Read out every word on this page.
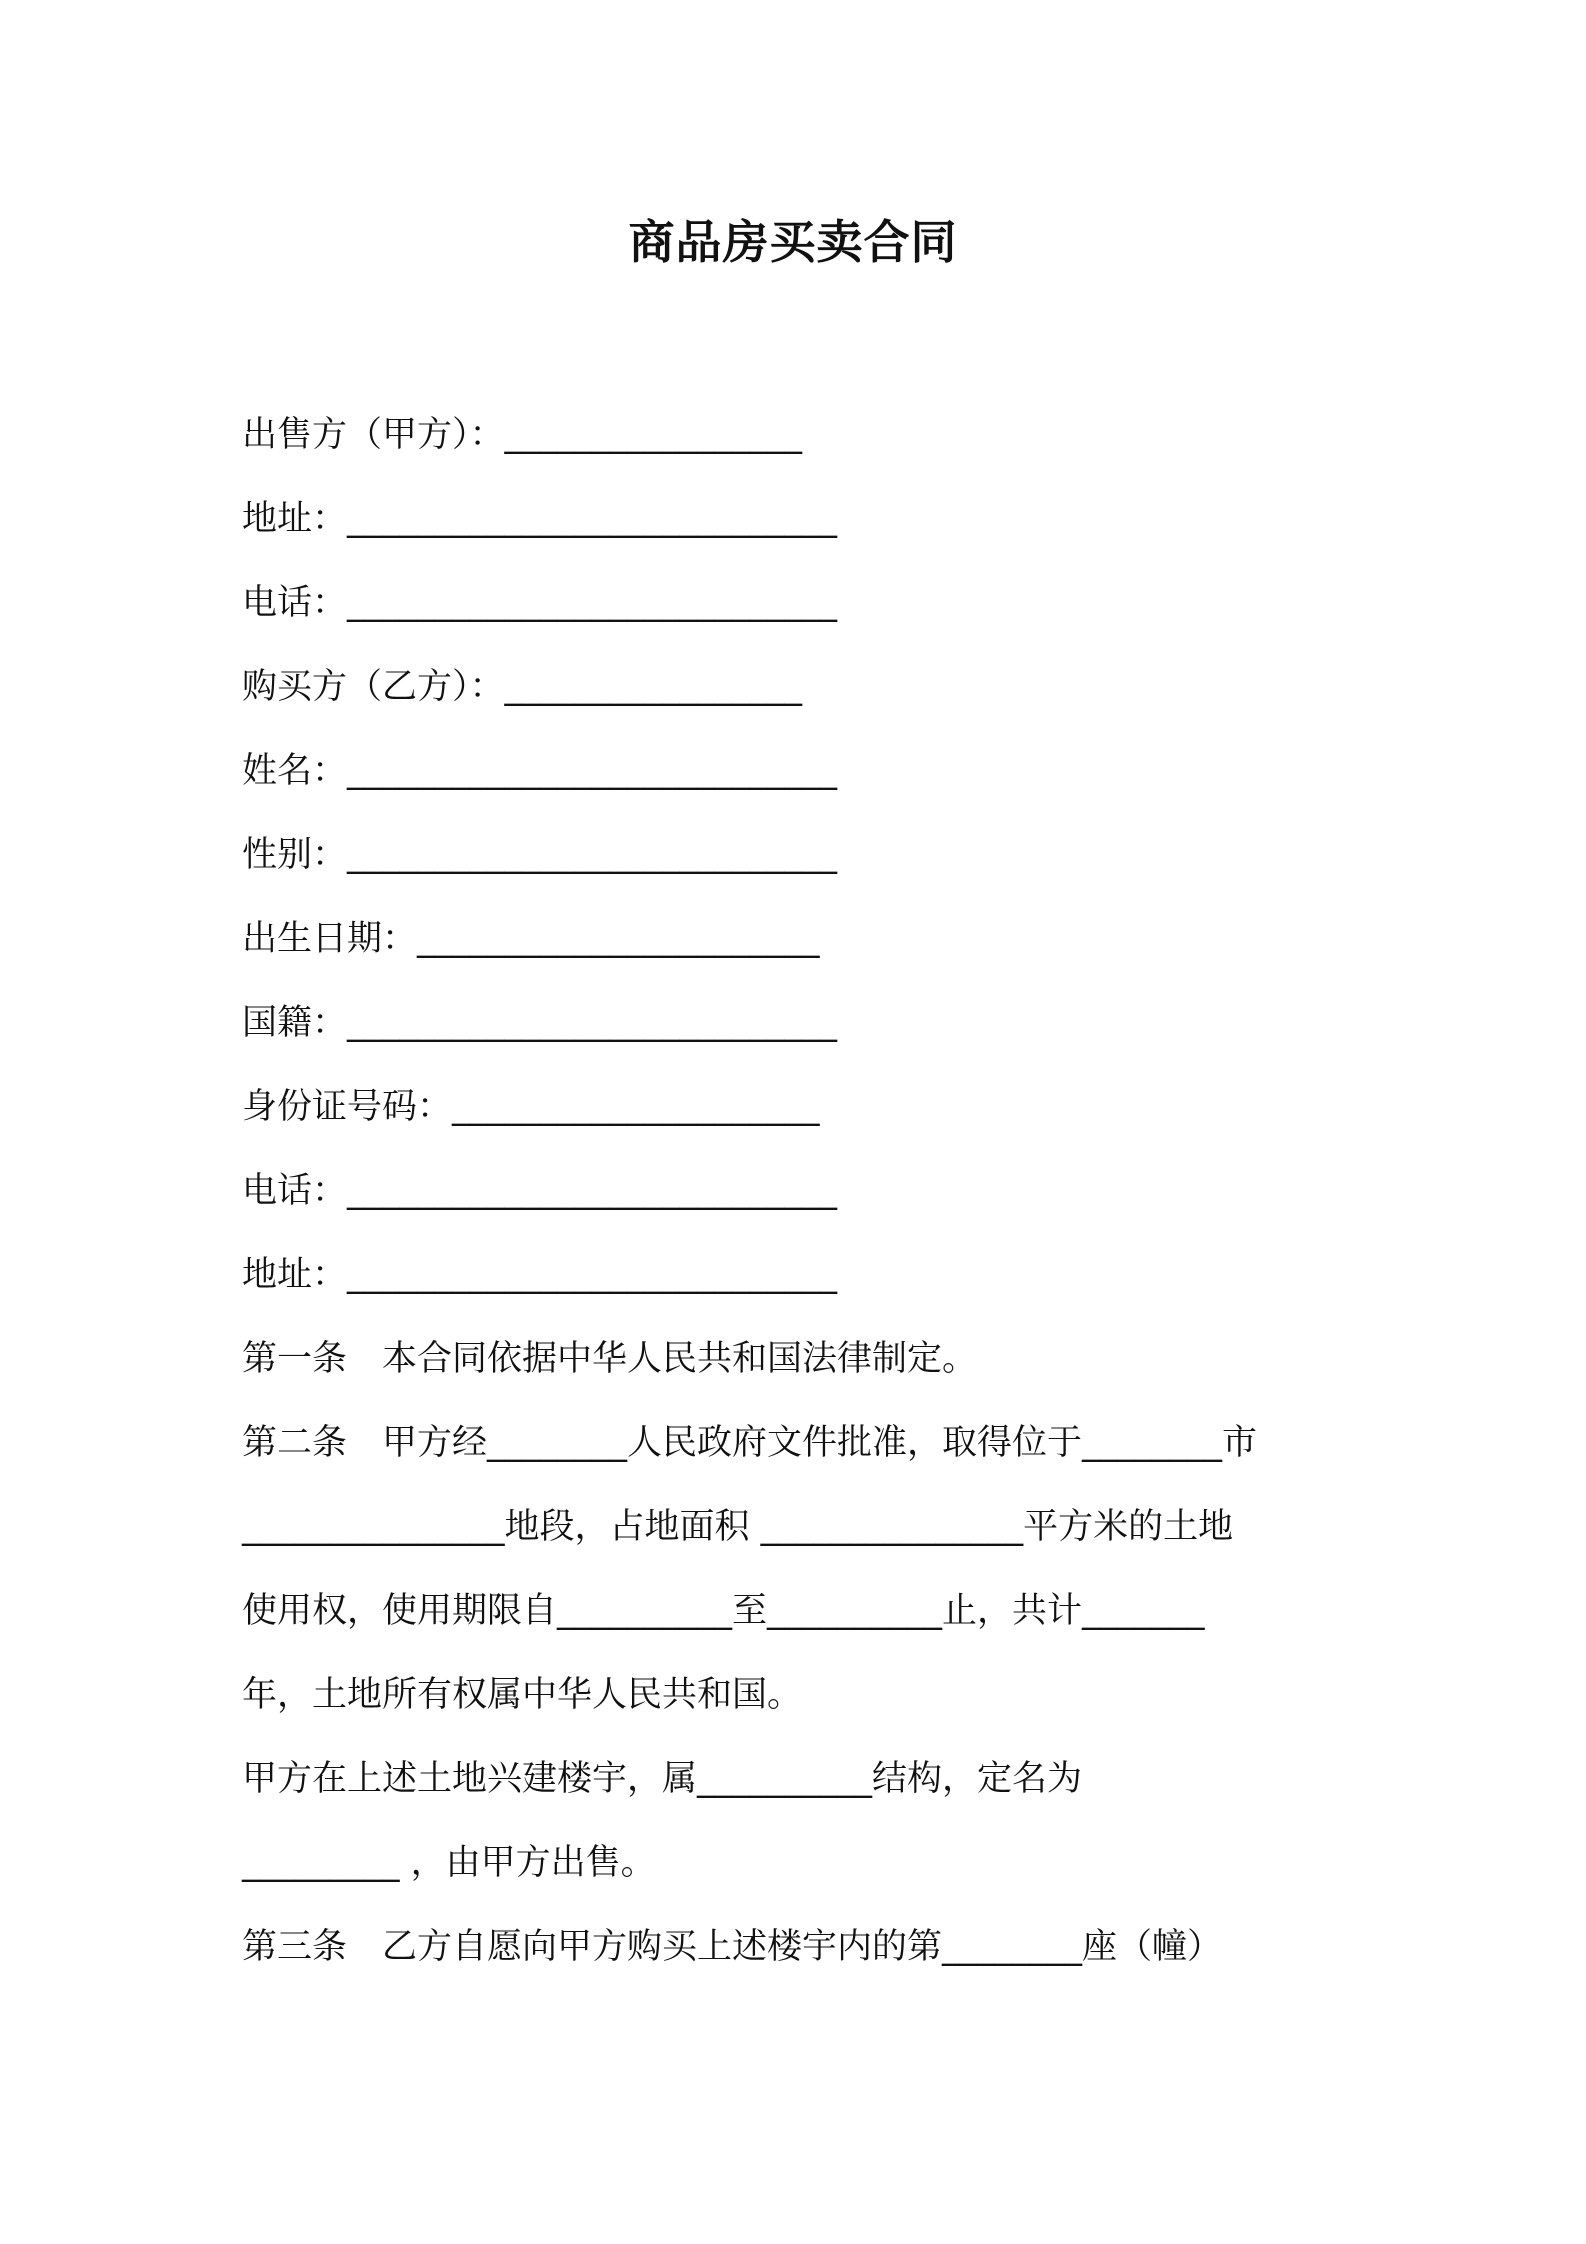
商品房买卖合同
出售方（甲方）：_________________
地址：____________________________
电话：____________________________
购买方（乙方）：_________________
姓名：____________________________
性别：____________________________
出生日期：_______________________
国籍：____________________________
身份证号码：_____________________
电话：____________________________
地址：____________________________
第一条　本合同依据中华人民共和国法律制定。
第二条　甲方经________人民政府文件批准，取得位于________市
_______________地段，占地面积 _______________平方米的土地
使用权，使用期限自__________至__________止，共计_______
年，土地所有权属中华人民共和国。
甲方在上述土地兴建楼宇，属__________结构，定名为
_________ ，由甲方出售。
第三条　乙方自愿向甲方购买上述楼宇内的第________座（幢）
